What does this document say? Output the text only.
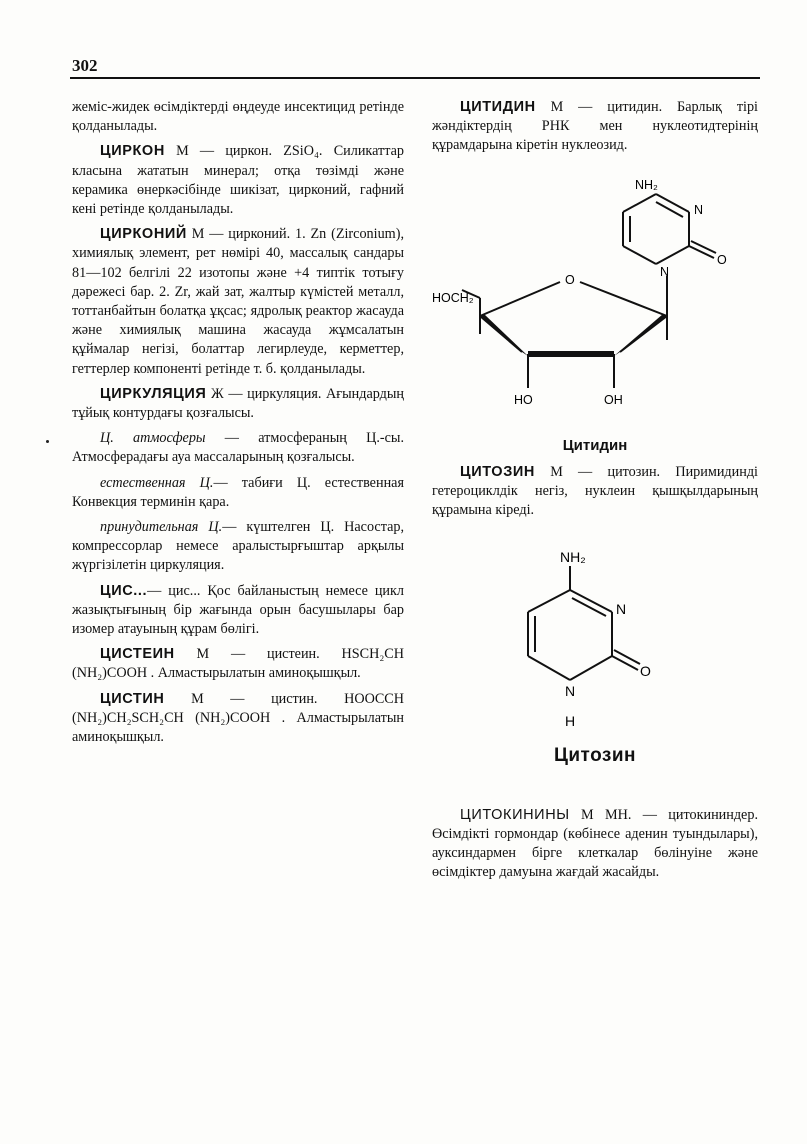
302

жеміс-жидек өсімдіктерді өңдеуде инсектицид ретінде қолданылады.

ЦИРКОН М — циркон. ZSiO₄. Силикаттар класына жататын минерал; отқа төзімді және керамика өнеркәсібінде шикізат, цирконий, гафний кені ретінде қолданылады.

ЦИРКОНИЙ М — цирконий. 1. Zn (Zirconium), химиялық элемент, рет нөмірі 40, массалық сандары 81—102 белгілі 22 изотопы және +4 типтік тотығу дәрежесі бар. 2. Zr, жай зат, жалтыр күмістей металл, тоттанбайтын болатқа ұқсас; ядролық реактор жасауда және химиялық машина жасауда жұмсалатын құймалар негізі, болаттар легирлеуде, керметтер, геттерлер компоненті ретінде т. б. қолданылады.

ЦИРКУЛЯЦИЯ Ж — циркуляция. Ағындардың тұйық контурдағы қозғалысы.

Ц. атмосферы — атмосфераның Ц.-сы. Атмосферадағы ауа массаларының қозғалысы.

естественная Ц.— табиғи Ц. естественная Конвекция терминін қара.

принудительная Ц.— күштелген Ц. Насостар, компрессорлар немесе аралыстырғыштар арқылы жүргізілетін циркуляция.

ЦИС...— цис... Қос байланыстың немесе цикл жазықтығының бір жағында орын басушылары бар изомер атауының құрам бөлігі.

ЦИСТЕИН М — цистеин. HSCH₂CH (NH₂)COOH . Алмастырылатын аминоқышқыл.

ЦИСТИН М — цистин. HOOCCH (NH₂)CH₂SCH₂CH (NH₂)COOH . Алмастырылатын аминоқышқыл.

ЦИТИДИН М — цитидин. Барлық тірі жәндіктердің РНК мен нуклеотидтерінің құрамдарына кіретін нуклеозид.

NH₂
N
O
N
HOCH₂
O
HO	OH
Цитидин

ЦИТОЗИН М — цитозин. Пиримидинді гетероциклдік негіз, нуклеин қышқылдарының құрамына кіреді.

NH₂
N
O
N
H
Цитозин

ЦИТОКИНИНЫ М МН. — цитокининдер. Өсімдікті гормондар (көбінесе аденин туындылары), ауксиндармен бірге клеткалар бөлінуіне және өсімдіктер дамуына жағдай жасайды.
